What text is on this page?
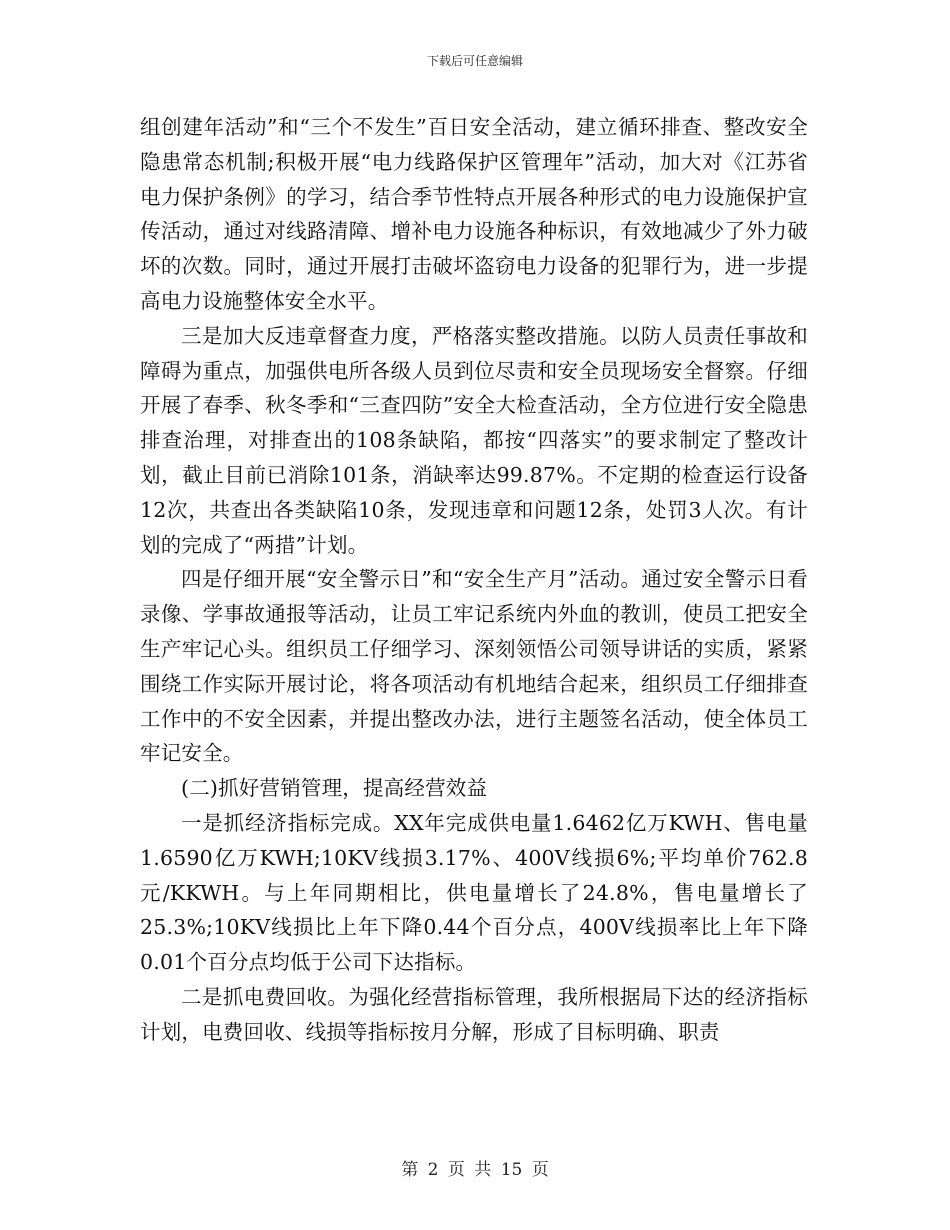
下载后可任意编辑

组创建年活动”和“三个不发生”百日安全活动，建立循环排查、整改安全隐患常态机制;积极开展“电力线路保护区管理年”活动，加大对《江苏省电力保护条例》的学习，结合季节性特点开展各种形式的电力设施保护宣传活动，通过对线路清障、增补电力设施各种标识，有效地减少了外力破坏的次数。同时，通过开展打击破坏盗窃电力设备的犯罪行为，进一步提高电力设施整体安全水平。

三是加大反违章督查力度，严格落实整改措施。以防人员责任事故和障碍为重点，加强供电所各级人员到位尽责和安全员现场安全督察。仔细开展了春季、秋冬季和“三查四防”安全大检查活动，全方位进行安全隐患排查治理，对排查出的108条缺陷，都按“四落实”的要求制定了整改计划，截止目前已消除101条，消缺率达99.87%。不定期的检查运行设备12次，共查出各类缺陷10条，发现违章和问题12条，处罚3人次。有计划的完成了“两措”计划。

四是仔细开展“安全警示日”和“安全生产月”活动。通过安全警示日看录像、学事故通报等活动，让员工牢记系统内外血的教训，使员工把安全生产牢记心头。组织员工仔细学习、深刻领悟公司领导讲话的实质，紧紧围绕工作实际开展讨论，将各项活动有机地结合起来，组织员工仔细排查工作中的不安全因素，并提出整改办法，进行主题签名活动，使全体员工牢记安全。

(二)抓好营销管理，提高经营效益

一是抓经济指标完成。XX年完成供电量1.6462亿万KWH、售电量1.6590亿万KWH;10KV线损3.17%、400V线损6%;平均单价762.8元/KKWH。与上年同期相比，供电量增长了24.8%，售电量增长了25.3%;10KV线损比上年下降0.44个百分点，400V线损率比上年下降0.01个百分点均低于公司下达指标。

二是抓电费回收。为强化经营指标管理，我所根据局下达的经济指标计划，电费回收、线损等指标按月分解，形成了目标明确、职责

第 2 页 共 15 页
